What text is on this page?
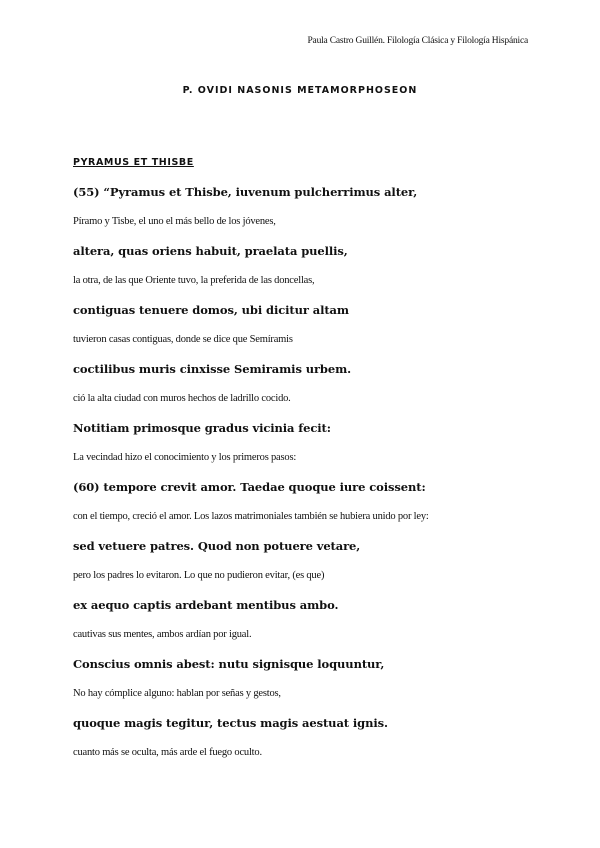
Paula Castro Guillén. Filología Clásica y Filología Hispánica
P. OVIDI NASONIS METAMORPHOSEON
PYRAMUS ET THISBE
(55) “Pyramus et Thisbe, iuvenum pulcherrimus alter,
Píramo y Tisbe, el uno el más bello de los jóvenes,
altera, quas oriens habuit, praelata puellis,
la otra, de las que Oriente tuvo, la preferida de las doncellas,
contiguas tenuere domos, ubi dicitur altam
tuvieron casas contiguas, donde se dice que Semíramis
coctilibus muris cinxisse Semiramis urbem.
ció la alta ciudad con muros hechos de ladrillo cocido.
Notitiam primosque gradus vicinia fecit:
La vecindad hizo el conocimiento y los primeros pasos:
(60) tempore crevit amor. Taedae quoque iure coissent:
con el tiempo, creció el amor. Los lazos matrimoniales también se hubiera unido por ley:
sed vetuere patres. Quod non potuere vetare,
pero los padres lo evitaron. Lo que no pudieron evitar, (es que)
ex aequo captis ardebant mentibus ambo.
cautivas sus mentes, ambos ardían por igual.
Conscius omnis abest: nutu signisque loquuntur,
No hay cómplice alguno: hablan por señas y gestos,
quoque magis tegitur, tectus magis aestuat ignis.
cuanto más se oculta, más arde el fuego oculto.
